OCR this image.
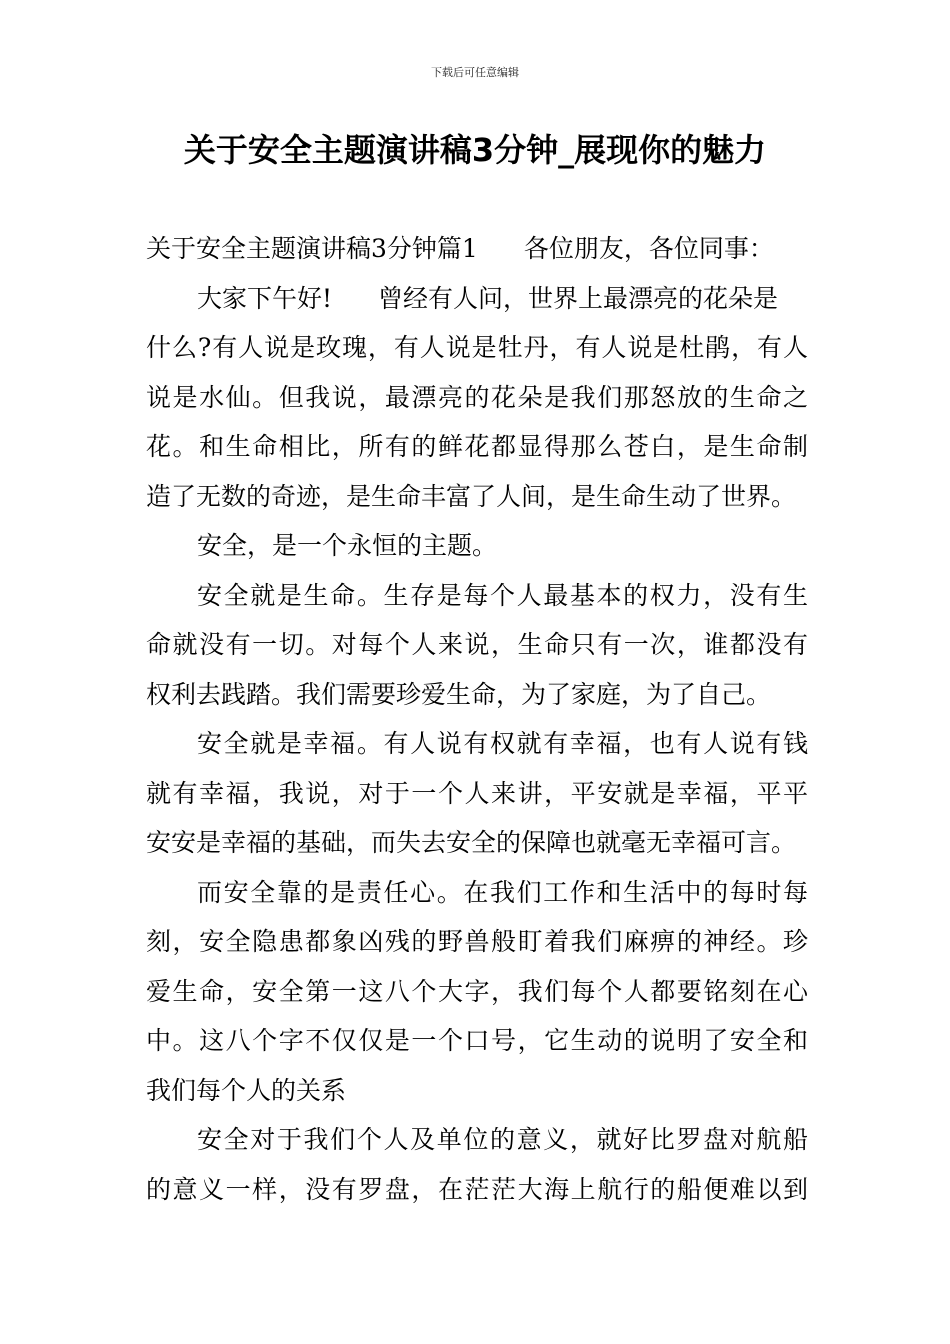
下载后可任意编辑
关于安全主题演讲稿3分钟_展现你的魅力
关于安全主题演讲稿3分钟篇1 各位朋友，各位同事：
大家下午好! 曾经有人问，世界上最漂亮的花朵是
什么?有人说是玫瑰，有人说是牡丹，有人说是杜鹃，有人
说是水仙。但我说，最漂亮的花朵是我们那怒放的生命之
花。和生命相比，所有的鲜花都显得那么苍白，是生命制
造了无数的奇迹，是生命丰富了人间，是生命生动了世界。
安全，是一个永恒的主题。
安全就是生命。生存是每个人最基本的权力，没有生
命就没有一切。对每个人来说，生命只有一次，谁都没有
权利去践踏。我们需要珍爱生命，为了家庭，为了自己。
安全就是幸福。有人说有权就有幸福，也有人说有钱
就有幸福，我说，对于一个人来讲，平安就是幸福，平平
安安是幸福的基础，而失去安全的保障也就毫无幸福可言。
而安全靠的是责任心。在我们工作和生活中的每时每
刻，安全隐患都象凶残的野兽般盯着我们麻痹的神经。珍
爱生命，安全第一这八个大字，我们每个人都要铭刻在心
中。这八个字不仅仅是一个口号，它生动的说明了安全和
我们每个人的关系
安全对于我们个人及单位的意义，就好比罗盘对航船
的意义一样，没有罗盘，在茫茫大海上航行的船便难以到
